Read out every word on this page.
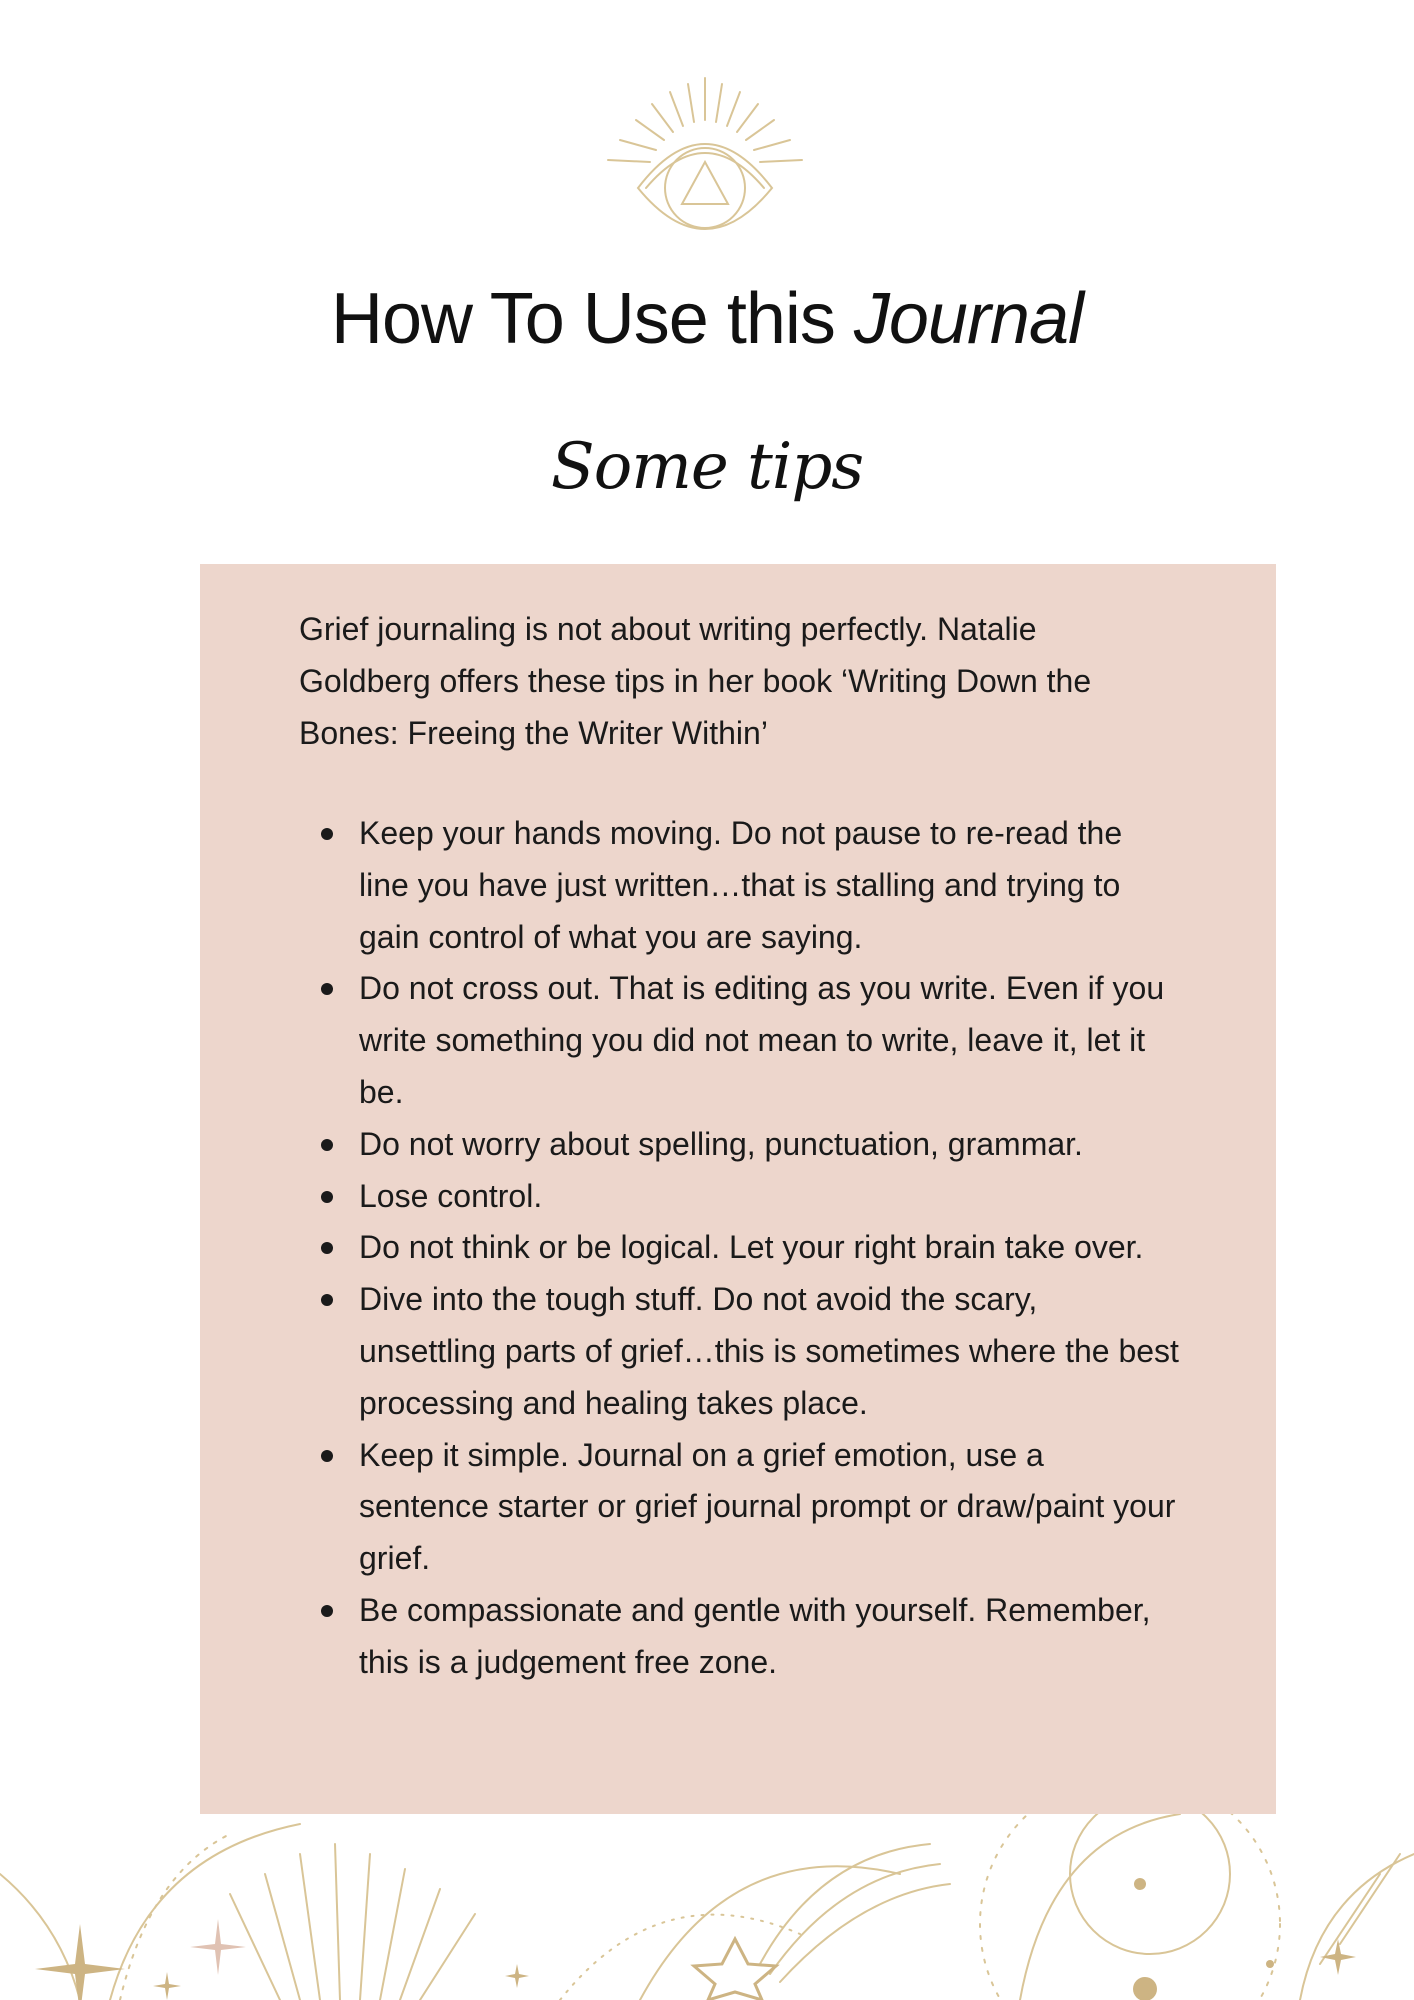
How To Use this Journal
Some tips

Grief journaling is not about writing perfectly. Natalie Goldberg offers these tips in her book ‘Writing Down the Bones: Freeing the Writer Within’

Keep your hands moving. Do not pause to re-read the line you have just written…that is stalling and trying to gain control of what you are saying.
Do not cross out. That is editing as you write. Even if you write something you did not mean to write, leave it, let it be.
Do not worry about spelling, punctuation, grammar.
Lose control.
Do not think or be logical. Let your right brain take over.
Dive into the tough stuff. Do not avoid the scary, unsettling parts of grief…this is sometimes where the best processing and healing takes place.
Keep it simple. Journal on a grief emotion, use a sentence starter or grief journal prompt or draw/paint your grief.
Be compassionate and gentle with yourself. Remember, this is a judgement free zone.
